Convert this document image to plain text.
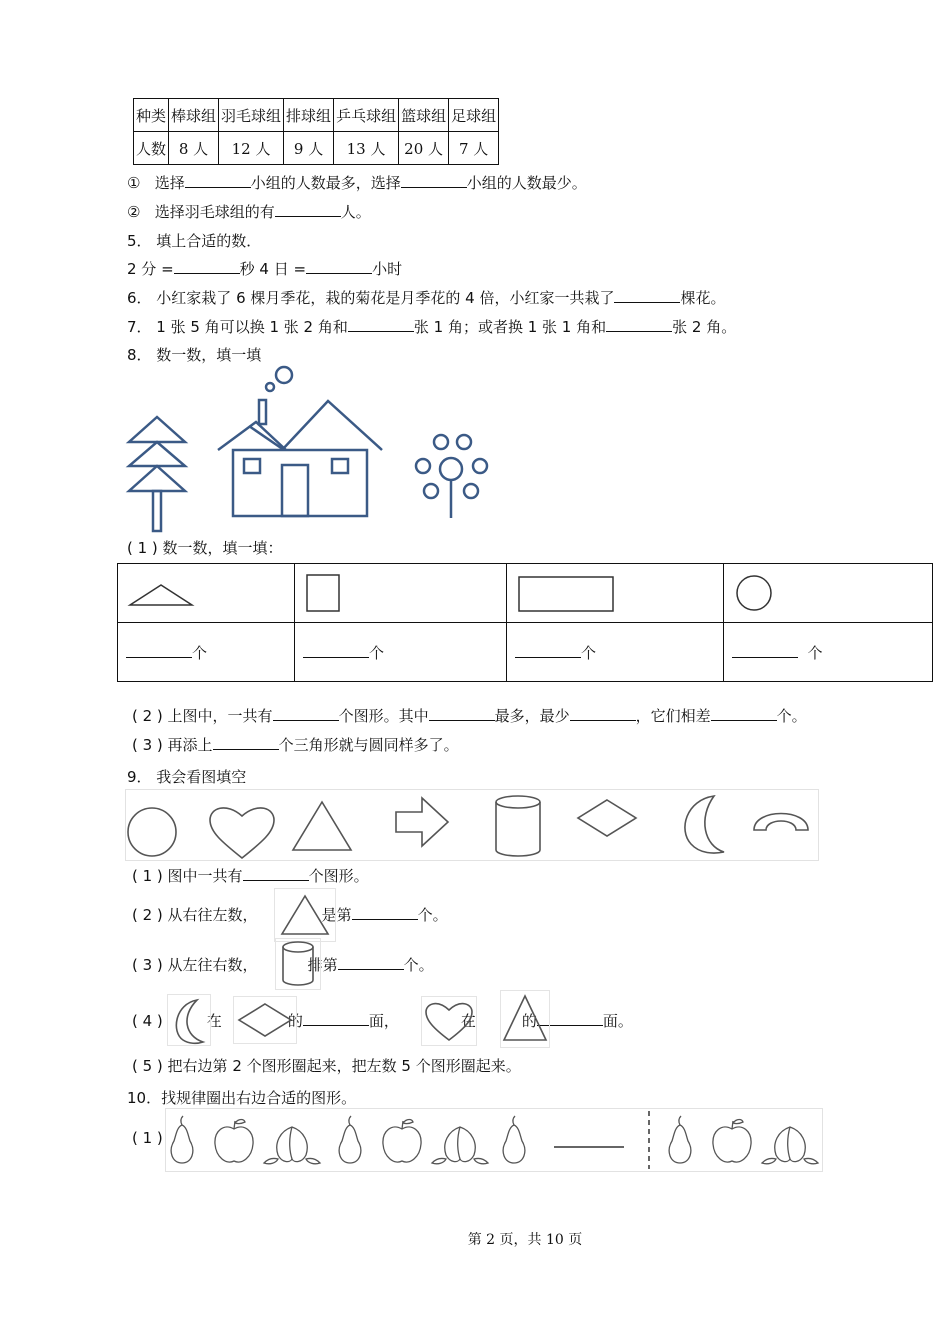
种类	棒球组	羽毛球组	排球组	乒乓球组	篮球组	足球组
人数	8 人	12 人	9 人	13 人	20 人	7 人
① 选择	小组的人数最多，选择	小组的人数最少。
② 选择羽毛球组的有	人。
5． 填上合适的数．
2 分 =	秒 4 日 =	小时
6． 小红家栽了 6 棵月季花，栽的菊花是月季花的 4 倍，小红家一共栽了	棵花。
7． 1 张 5 角可以换 1 张 2 角和	张 1 角；或者换 1 张 1 角和	张 2 角。
8． 数一数，填一填
( 1 ) 数一数，填一填：

个	个	个	个
( 2 ) 上图中，一共有	个图形。其中	最多，最少	，它们相差	个。
( 3 ) 再添上	个三角形就与圆同样多了。
9． 我会看图填空
( 1 ) 图中一共有	个图形。
( 2 ) 从右往左数，	是第	个。
( 3 ) 从左往右数，	排第	个。
( 4 )	在	的	面，	在	的	面。
( 5 ) 把右边第 2 个图形圈起来，把左数 5 个图形圈起来。
10．找规律圈出右边合适的图形。
( 1 )
第 2 页，共 10 页
